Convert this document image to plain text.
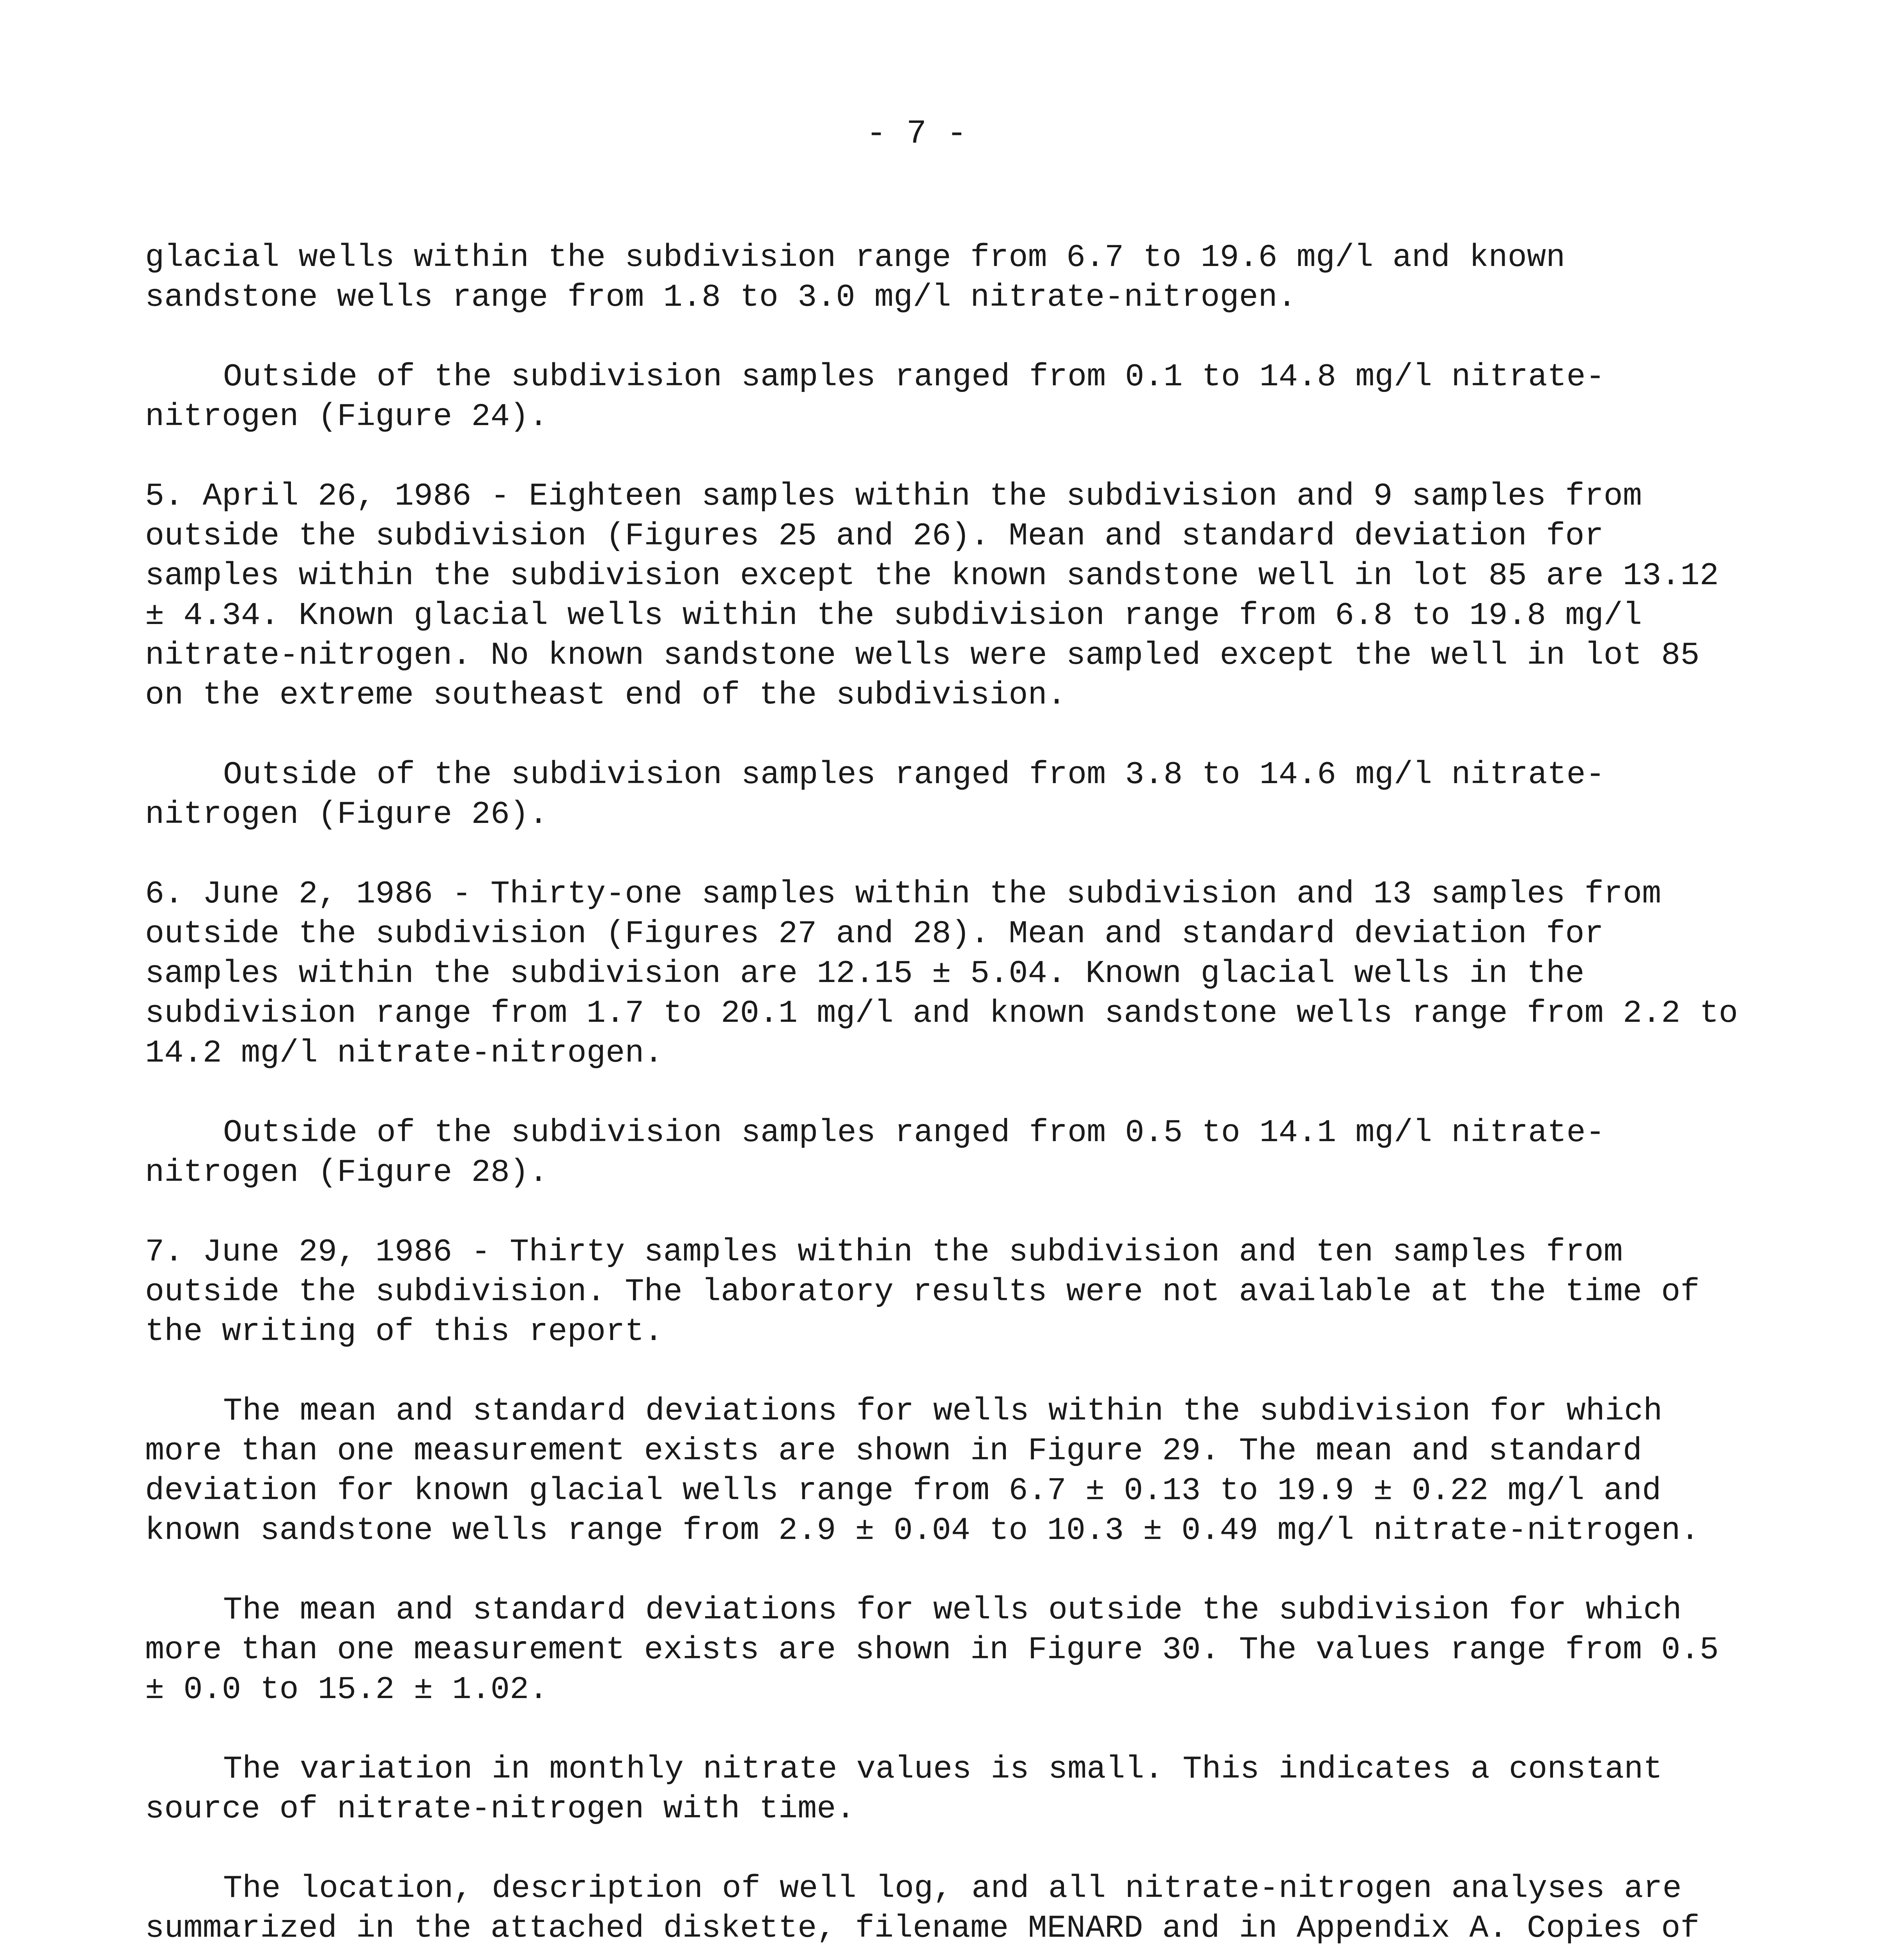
- 7 -

glacial wells within the subdivision range from 6.7 to 19.6 mg/l and known sandstone wells range from 1.8 to 3.0 mg/l nitrate-nitrogen.

Outside of the subdivision samples ranged from 0.1 to 14.8 mg/l nitrate-nitrogen (Figure 24).

5. April 26, 1986 - Eighteen samples within the subdivision and 9 samples from outside the subdivision (Figures 25 and 26). Mean and standard deviation for samples within the subdivision except the known sandstone well in lot 85 are 13.12 ± 4.34. Known glacial wells within the subdivision range from 6.8 to 19.8 mg/l nitrate-nitrogen. No known sandstone wells were sampled except the well in lot 85 on the extreme southeast end of the subdivision.

Outside of the subdivision samples ranged from 3.8 to 14.6 mg/l nitrate-nitrogen (Figure 26).

6. June 2, 1986 - Thirty-one samples within the subdivision and 13 samples from outside the subdivision (Figures 27 and 28). Mean and standard deviation for samples within the subdivision are 12.15 ± 5.04. Known glacial wells in the subdivision range from 1.7 to 20.1 mg/l and known sandstone wells range from 2.2 to 14.2 mg/l nitrate-nitrogen.

Outside of the subdivision samples ranged from 0.5 to 14.1 mg/l nitrate-nitrogen (Figure 28).

7. June 29, 1986 - Thirty samples within the subdivision and ten samples from outside the subdivision. The laboratory results were not available at the time of the writing of this report.

The mean and standard deviations for wells within the subdivision for which more than one measurement exists are shown in Figure 29. The mean and standard deviation for known glacial wells range from 6.7 ± 0.13 to 19.9 ± 0.22 mg/l and known sandstone wells range from 2.9 ± 0.04 to 10.3 ± 0.49 mg/l nitrate-nitrogen.

The mean and standard deviations for wells outside the subdivision for which more than one measurement exists are shown in Figure 30. The values range from 0.5 ± 0.0 to 15.2 ± 1.02.

The variation in monthly nitrate values is small. This indicates a constant source of nitrate-nitrogen with time.

The location, description of well log, and all nitrate-nitrogen analyses are summarized in the attached diskette, filename MENARD and in Appendix A. Copies of
